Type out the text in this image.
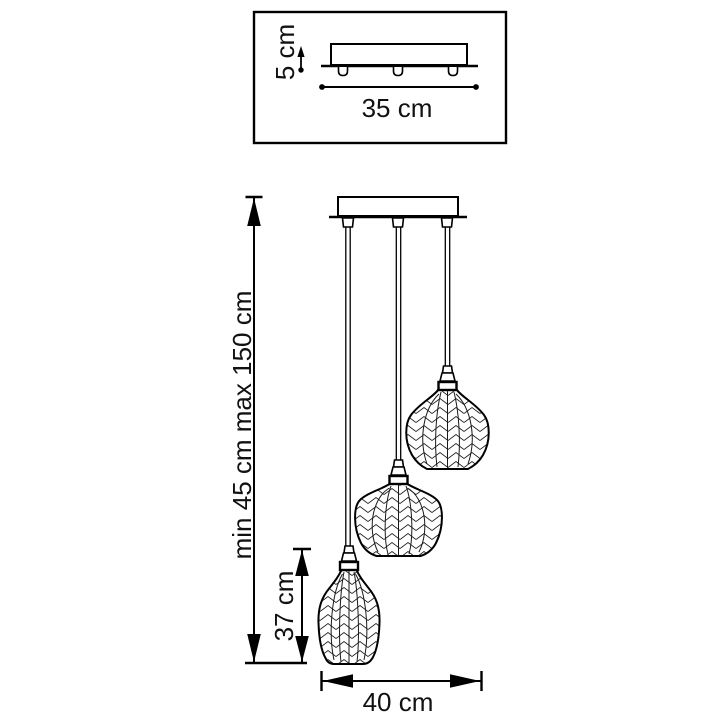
5 cm
35 cm
min 45 cm max 150 cm
37 cm
40 cm
